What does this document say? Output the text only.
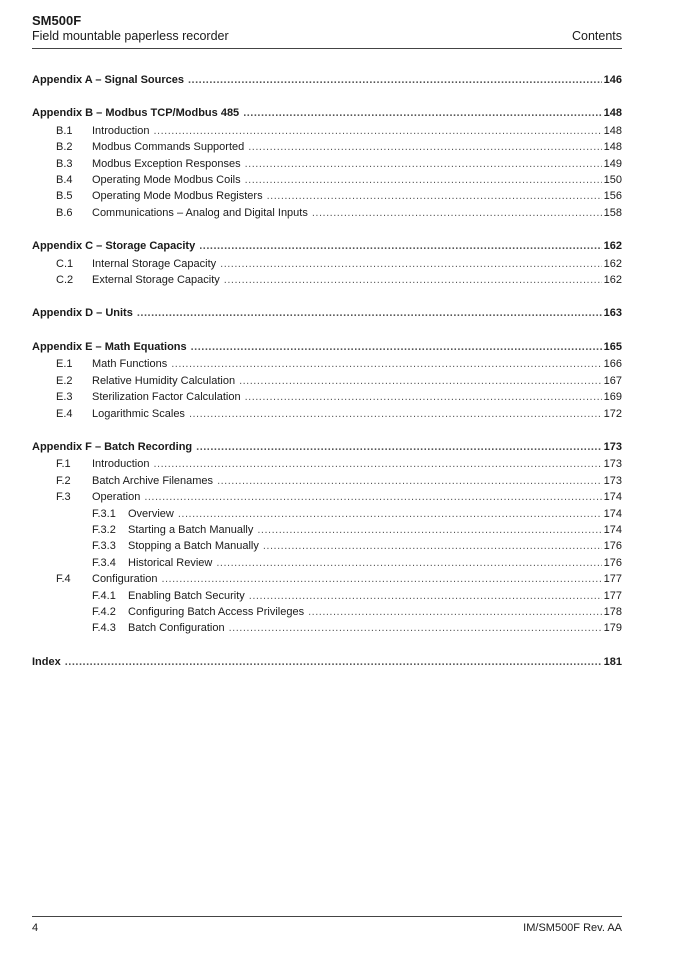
SM500F
Field mountable paperless recorder	Contents
Appendix A – Signal Sources .....	146
Appendix B – Modbus TCP/Modbus 485 .....	148
B.1	Introduction .....	148
B.2	Modbus Commands Supported .....	148
B.3	Modbus Exception Responses .....	149
B.4	Operating Mode Modbus Coils .....	150
B.5	Operating Mode Modbus Registers .....	156
B.6	Communications – Analog and Digital Inputs .....	158
Appendix C – Storage Capacity .....	162
C.1	Internal Storage Capacity .....	162
C.2	External Storage Capacity .....	162
Appendix D – Units .....	163
Appendix E – Math Equations .....	165
E.1	Math Functions .....	166
E.2	Relative Humidity Calculation .....	167
E.3	Sterilization Factor Calculation .....	169
E.4	Logarithmic Scales .....	172
Appendix F – Batch Recording .....	173
F.1	Introduction .....	173
F.2	Batch Archive Filenames .....	173
F.3	Operation .....	174
F.3.1	Overview .....	174
F.3.2	Starting a Batch Manually .....	174
F.3.3	Stopping a Batch Manually .....	176
F.3.4	Historical Review .....	176
F.4	Configuration .....	177
F.4.1	Enabling Batch Security .....	177
F.4.2	Configuring Batch Access Privileges .....	178
F.4.3	Batch Configuration .....	179
Index .....	181
4	IM/SM500F Rev. AA
